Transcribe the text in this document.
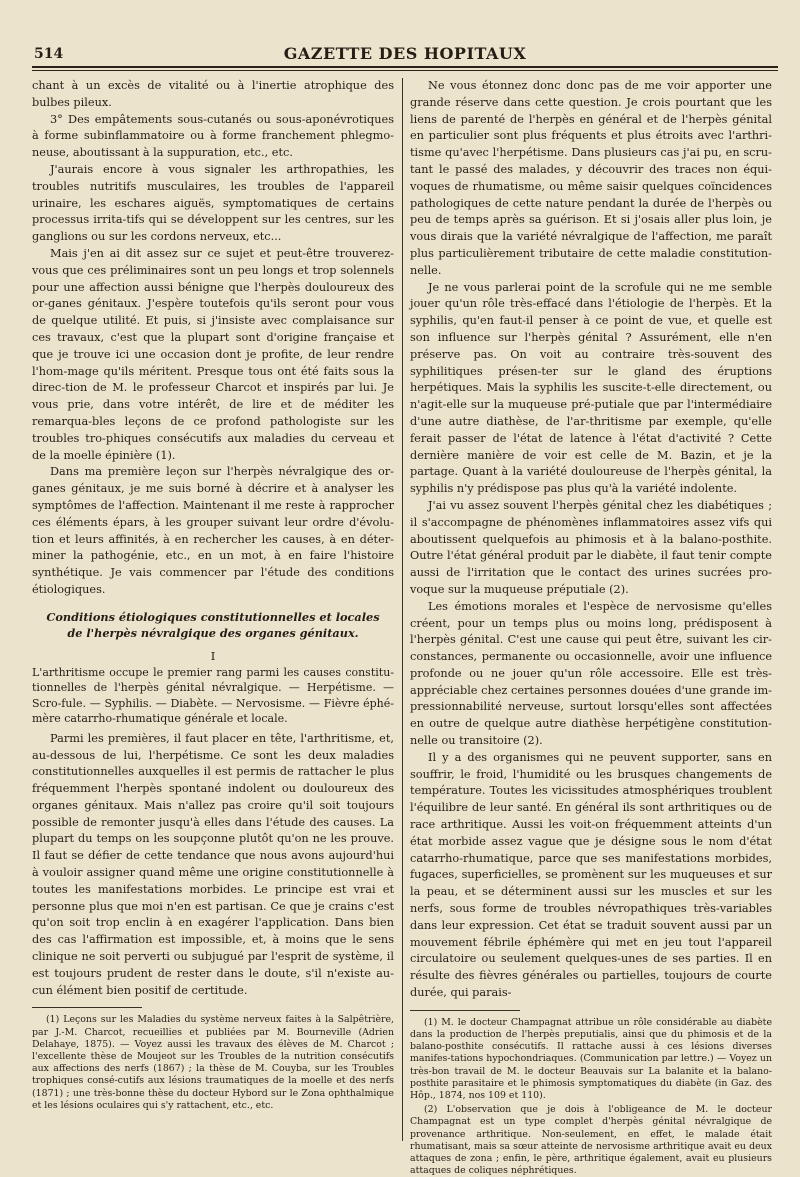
514	GAZETTE DES HOPITAUX

chant à un excès de vitalité ou à l'inertie atrophique des bulbes pileux.

3° Des empâtements sous-cutanés ou sous-aponévrotiques à forme subinflammatoire ou à forme franchement phlegmo-neuse, aboutissant à la suppuration, etc., etc.

J'aurais encore à vous signaler les arthropathies, les troubles nutritifs musculaires, les troubles de l'appareil urinaire, les eschares aiguës, symptomatiques de certains processus irrita-tifs qui se développent sur les centres, sur les ganglions ou sur les cordons nerveux, etc...

Mais j'en ai dit assez sur ce sujet et peut-être trouverez-vous que ces préliminaires sont un peu longs et trop solennels pour une affection aussi bénigne que l'herpès douloureux des or-ganes génitaux. J'espère toutefois qu'ils seront pour vous de quelque utilité. Et puis, si j'insiste avec complaisance sur ces travaux, c'est que la plupart sont d'origine française et que je trouve ici une occasion dont je profite, de leur rendre l'hom-mage qu'ils méritent. Presque tous ont été faits sous la direc-tion de M. le professeur Charcot et inspirés par lui. Je vous prie, dans votre intérêt, de lire et de méditer les remarqua-bles leçons de ce profond pathologiste sur les troubles tro-phiques consécutifs aux maladies du cerveau et de la moelle épinière (1).

Dans ma première leçon sur l'herpès névralgique des or-ganes génitaux, je me suis borné à décrire et à analyser les symptômes de l'affection. Maintenant il me reste à rapprocher ces éléments épars, à les grouper suivant leur ordre d'évolu-tion et leurs affinités, à en rechercher les causes, à en déter-miner la pathogénie, etc., en un mot, à en faire l'histoire synthétique. Je vais commencer par l'étude des conditions étiologiques.

Conditions étiologiques constitutionnelles et locales de l'herpès névralgique des organes génitaux.
I
L'arthritisme occupe le premier rang parmi les causes constitu-tionnelles de l'herpès génital névralgique. — Herpétisme. — Scro-fule. — Syphilis. — Diabète. — Nervosisme. — Fièvre éphé-mère catarrho-rhumatique générale et locale.

Parmi les premières, il faut placer en tête, l'arthritisme, et, au-dessous de lui, l'herpétisme. Ce sont les deux maladies constitutionnelles auxquelles il est permis de rattacher le plus fréquemment l'herpès spontané indolent ou douloureux des organes génitaux. Mais n'allez pas croire qu'il soit toujours possible de remonter jusqu'à elles dans l'étude des causes. La plupart du temps on les soupçonne plutôt qu'on ne les prouve. Il faut se défier de cette tendance que nous avons aujourd'hui à vouloir assigner quand même une origine constitutionnelle à toutes les manifestations morbides. Le principe est vrai et personne plus que moi n'en est partisan. Ce que je crains c'est qu'on soit trop enclin à en exagérer l'application. Dans bien des cas l'affirmation est impossible, et, à moins que le sens clinique ne soit perverti ou subjugué par l'esprit de système, il est toujours prudent de rester dans le doute, s'il n'existe au-cun élément bien positif de certitude.

(1) Leçons sur les Maladies du système nerveux faites à la Salpêtrière, par J.-M. Charcot, recueillies et publiées par M. Bourneville (Adrien Delahaye, 1875). — Voyez aussi les travaux des élèves de M. Charcot ; l'excellente thèse de Moujeot sur les Troubles de la nutrition consécutifs aux affections des nerfs (1867) ; la thèse de M. Couyba, sur les Troubles trophiques consé-cutifs aux lésions traumatiques de la moelle et des nerfs (1871) ; une très-bonne thèse du docteur Hybord sur le Zona ophthalmique et les lésions oculaires qui s'y rattachent, etc., etc.

Ne vous étonnez donc donc pas de me voir apporter une grande réserve dans cette question. Je crois pourtant que les liens de parenté de l'herpès en général et de l'herpès génital en particulier sont plus fréquents et plus étroits avec l'arthri-tisme qu'avec l'herpétisme. Dans plusieurs cas j'ai pu, en scru-tant le passé des malades, y découvrir des traces non équi-voques de rhumatisme, ou même saisir quelques coïncidences pathologiques de cette nature pendant la durée de l'herpès ou peu de temps après sa guérison. Et si j'osais aller plus loin, je vous dirais que la variété névralgique de l'affection, me paraît plus particulièrement tributaire de cette maladie constitution-nelle.

Je ne vous parlerai point de la scrofule qui ne me semble jouer qu'un rôle très-effacé dans l'étiologie de l'herpès. Et la syphilis, qu'en faut-il penser à ce point de vue, et quelle est son influence sur l'herpès génital ? Assurément, elle n'en préserve pas. On voit au contraire très-souvent des syphilitiques présen-ter sur le gland des éruptions herpétiques. Mais la syphilis les suscite-t-elle directement, ou n'agit-elle sur la muqueuse pré-putiale que par l'intermédiaire d'une autre diathèse, de l'ar-thritisme par exemple, qu'elle ferait passer de l'état de latence à l'état d'activité ? Cette dernière manière de voir est celle de M. Bazin, et je la partage. Quant à la variété douloureuse de l'herpès génital, la syphilis n'y prédispose pas plus qu'à la variété indolente.

J'ai vu assez souvent l'herpès génital chez les diabétiques ; il s'accompagne de phénomènes inflammatoires assez vifs qui aboutissent quelquefois au phimosis et à la balano-posthite. Outre l'état général produit par le diabète, il faut tenir compte aussi de l'irritation que le contact des urines sucrées pro-voque sur la muqueuse préputiale (2).

Les émotions morales et l'espèce de nervosisme qu'elles créent, pour un temps plus ou moins long, prédisposent à l'herpès génital. C'est une cause qui peut être, suivant les cir-constances, permanente ou occasionnelle, avoir une influence profonde ou ne jouer qu'un rôle accessoire. Elle est très-appréciable chez certaines personnes douées d'une grande im-pressionnabilité nerveuse, surtout lorsqu'elles sont affectées en outre de quelque autre diathèse herpétigène constitution-nelle ou transitoire (2).

Il y a des organismes qui ne peuvent supporter, sans en souffrir, le froid, l'humidité ou les brusques changements de température. Toutes les vicissitudes atmosphériques troublent l'équilibre de leur santé. En général ils sont arthritiques ou de race arthritique. Aussi les voit-on fréquemment atteints d'un état morbide assez vague que je désigne sous le nom d'état catarrho-rhumatique, parce que ses manifestations morbides, fugaces, superficielles, se promènent sur les muqueuses et sur la peau, et se déterminent aussi sur les muscles et sur les nerfs, sous forme de troubles névropathiques très-variables dans leur expression. Cet état se traduit souvent aussi par un mouvement fébrile éphémère qui met en jeu tout l'appareil circulatoire ou seulement quelques-unes de ses parties. Il en résulte des fièvres générales ou partielles, toujours de courte durée, qui parais-

(1) M. le docteur Champagnat attribue un rôle considérable au diabète dans la production de l'herpès preputialis, ainsi que du phimosis et de la balano-posthite consécutifs. Il rattache aussi à ces lésions diverses manifes-tations hypochondriaques. (Communication par lettre.) — Voyez un très-bon travail de M. le docteur Beauvais sur La balanite et la balano-posthite parasitaire et le phimosis symptomatiques du diabète (in Gaz. des Hôp., 1874, nos 109 et 110).

(2) L'observation que je dois à l'obligeance de M. le docteur Champagnat est un type complet d'herpès génital névralgique de provenance arthritique. Non-seulement, en effet, le malade était rhumatisant, mais sa sœur atteinte de nervosisme arthritique avait eu deux attaques de zona ; enfin, le père, arthritique également, avait eu plusieurs attaques de coliques néphrétiques.
